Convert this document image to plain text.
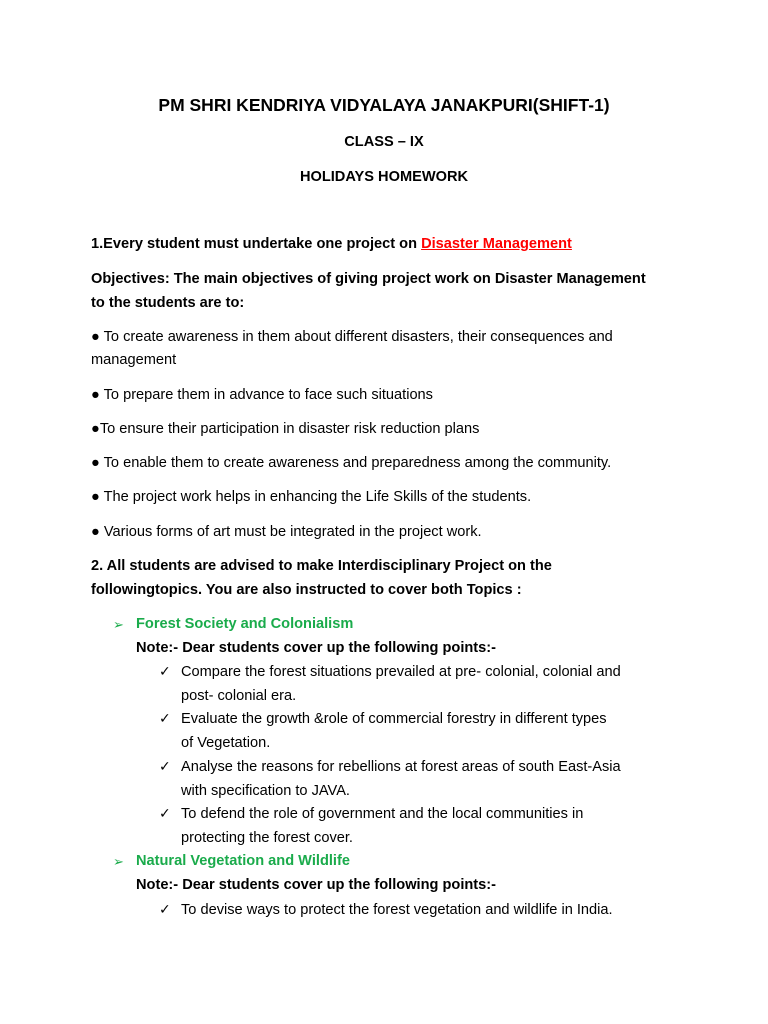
PM SHRI KENDRIYA VIDYALAYA JANAKPURI(SHIFT-1)
CLASS – IX
HOLIDAYS HOMEWORK
1.Every student must undertake one project on Disaster Management
Objectives: The main objectives of giving project work on Disaster Management
to the students are to:
● To create awareness in them about different disasters, their consequences and
management
● To prepare them in advance to face such situations
●To ensure their participation in disaster risk reduction plans
● To enable them to create awareness and preparedness among the community.
● The project work helps in enhancing the Life Skills of the students.
● Various forms of art must be integrated in the project work.
2. All students are advised to make Interdisciplinary Project on the
followingtopics. You are also instructed to cover both Topics :
➢ Forest Society and Colonialism
Note:- Dear students cover up the following points:-
✓ Compare the forest situations prevailed at pre- colonial, colonial and
post- colonial era.
✓ Evaluate the growth &role of commercial forestry in different types
of Vegetation.
✓ Analyse the reasons for rebellions at forest areas of south East-Asia
with specification to JAVA.
✓ To defend the role of government and the local communities in
protecting the forest cover.
➢ Natural Vegetation and Wildlife
Note:- Dear students cover up the following points:-
✓ To devise ways to protect the forest vegetation and wildlife in India.
